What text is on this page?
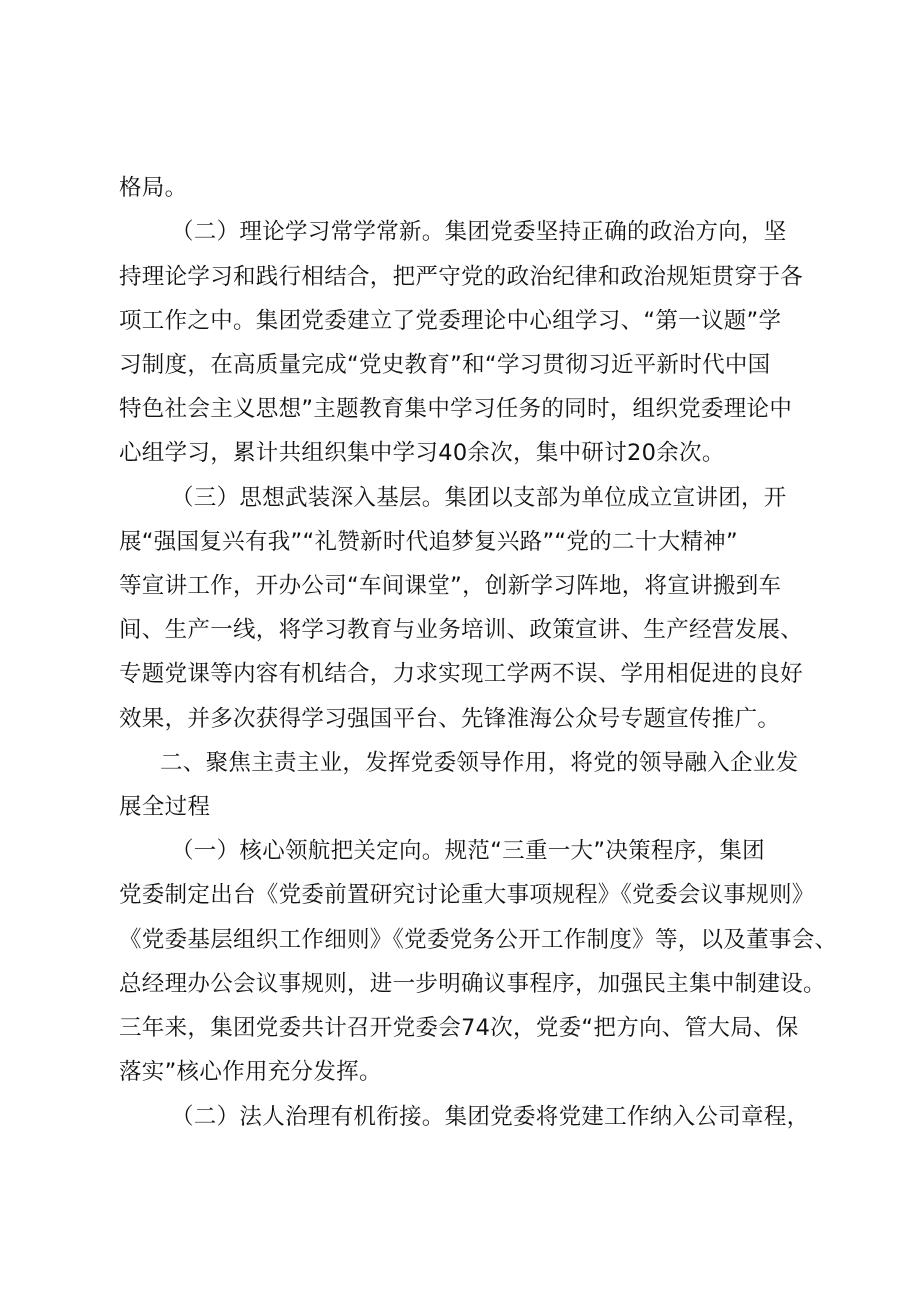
格局。

（二）理论学习常学常新。集团党委坚持正确的政治方向，坚

持理论学习和践行相结合，把严守党的政治纪律和政治规矩贯穿于各

项工作之中。集团党委建立了党委理论中心组学习、“第一议题”学

习制度，在高质量完成“党史教育”和“学习贯彻习近平新时代中国

特色社会主义思想”主题教育集中学习任务的同时，组织党委理论中

心组学习，累计共组织集中学习40余次，集中研讨20余次。

（三）思想武装深入基层。集团以支部为单位成立宣讲团，开

展“强国复兴有我”“礼赞新时代追梦复兴路”“党的二十大精神”

等宣讲工作，开办公司“车间课堂”，创新学习阵地，将宣讲搬到车

间、生产一线，将学习教育与业务培训、政策宣讲、生产经营发展、

专题党课等内容有机结合，力求实现工学两不误、学用相促进的良好

效果，并多次获得学习强国平台、先锋淮海公众号专题宣传推广。

二、聚焦主责主业，发挥党委领导作用，将党的领导融入企业发

展全过程

（一）核心领航把关定向。规范“三重一大”决策程序，集团

党委制定出台《党委前置研究讨论重大事项规程》《党委会议事规则》

《党委基层组织工作细则》《党委党务公开工作制度》等，以及董事会、

总经理办公会议事规则，进一步明确议事程序，加强民主集中制建设。

三年来，集团党委共计召开党委会74次，党委“把方向、管大局、保

落实”核心作用充分发挥。

（二）法人治理有机衔接。集团党委将党建工作纳入公司章程，
